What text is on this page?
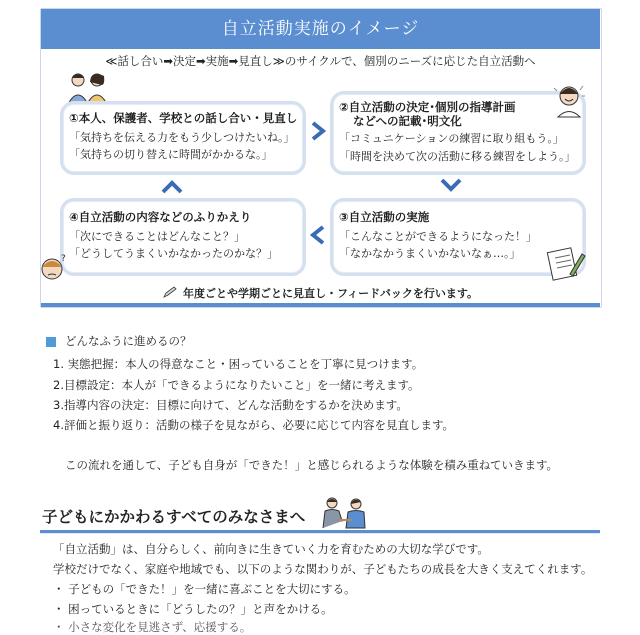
自立活動実施のイメージ
≪話し合い➡決定➡実施➡見直し≫のサイクルで、個別のニーズに応じた自立活動へ
①本人、保護者、学校との話し合い・見直し
「気持ちを伝える力をもう少しつけたいね。」
「気持ちの切り替えに時間がかかるな。」
②自立活動の決定･個別の指導計画
などへの記載･明文化
「コミュニケーションの練習に取り組もう。」
「時間を決めて次の活動に移る練習をしよう。」
④自立活動の内容などのふりかえり
「次にできることはどんなこと？」
「どうしてうまくいかなかったのかな？」
?
③自立活動の実施
「こんなことができるようになった！」
「なかなかうまくいかないなぁ…。」
年度ごとや学期ごとに見直し・フィードバックを行います。
どんなふうに進めるの？
1. 実態把握：本人の得意なこと・困っていることを丁寧に見つけます。
2.目標設定：本人が「できるようになりたいこと」を一緒に考えます。
3.指導内容の決定：目標に向けて、どんな活動をするかを決めます。
4.評価と振り返り：活動の様子を見ながら、必要に応じて内容を見直します。
この流れを通して、子ども自身が「できた！」と感じられるような体験を積み重ねていきます。
子どもにかかわるすべてのみなさまへ
「自立活動」は、自分らしく、前向きに生きていく力を育むための大切な学びです。
学校だけでなく、家庭や地域でも、以下のような関わりが、子どもたちの成長を大きく支えてくれます。
・ 子どもの「できた！」を一緒に喜ぶことを大切にする。
・ 困っているときに「どうしたの？」と声をかける。
・ 小さな変化を見逃さず、応援する。
